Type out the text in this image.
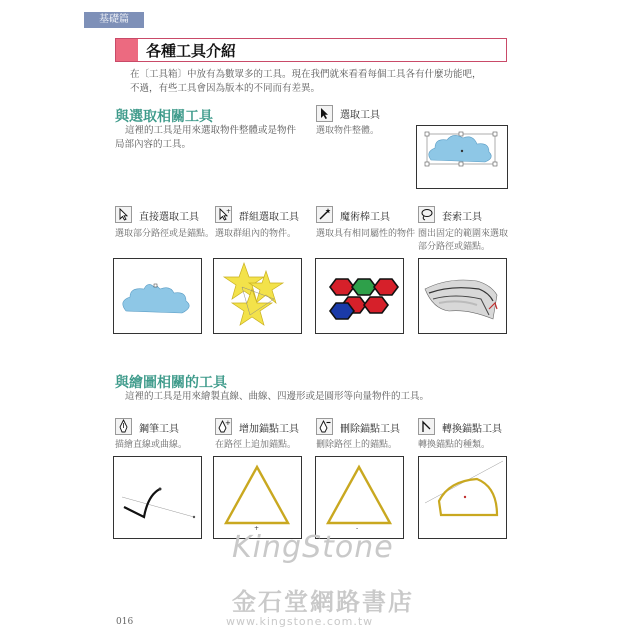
基礎篇
各種工具介紹
在〔工具箱〕中放有為數眾多的工具。現在我們就來看看每個工具各有什麼功能吧，
不過，有些工具會因為版本的不同而有差異。
與選取相關工具
這裡的工具是用來選取物件整體或是物件
局部內容的工具。
選取工具
選取物件整體。
直接選取工具
選取部分路徑或是錨點。
+
群組選取工具
選取群組內的物件。
魔術棒工具
選取具有相同屬性的物件
套索工具
圈出固定的範圍來選取
部分路徑或錨點。
與繪圖相關的工具
這裡的工具是用來繪製直線、曲線、四邊形或是圓形等向量物件的工具。
鋼筆工具
描繪直線或曲線。
+
增加錨點工具
在路徑上追加錨點。
刪除錨點工具
刪除路徑上的錨點。
轉換錨點工具
轉換錨點的種類。
+	-
016
KingStone
金石堂網路書店
www.kingstone.com.tw
